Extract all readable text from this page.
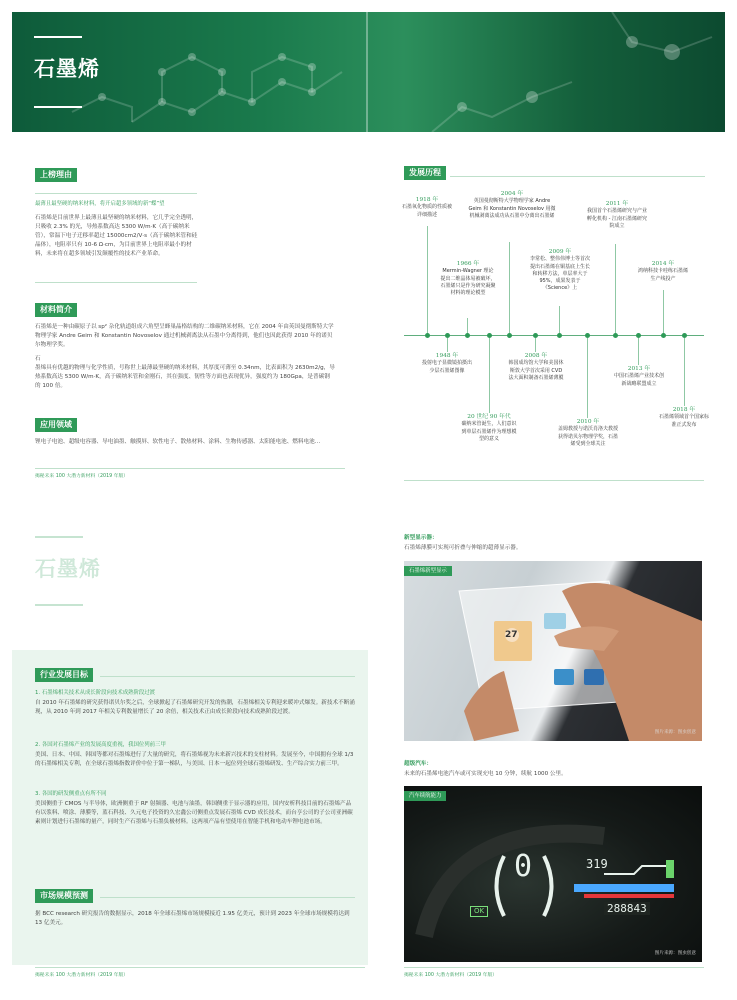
石墨烯
上榜理由
最薄且最坚硬的纳米材料，将开启超多领域的新“蝶”望
石墨烯是目前世界上最薄且最坚硬的纳米材料，它几乎完全透明，只吸收 2.3% 的光，导热系数高达 5300 W/m·K（高于碳纳米管），常温下电子迁移率超过 15000cm2/V·s（高于碳纳米管和硅晶体），电阻率只有 10-6 Ω·cm，为目前世界上电阻率最小的材料，未来将在超多领域引发颠覆性的技术产业革命。
材料简介
石墨烯是一种由碳原子以 sp² 杂化轨道组成六角型呈蜂巢晶格结构的二维碳纳米材料，它在 2004 年由英国曼彻斯特大学物理学家 Andre Geim 和 Konstantin Novoselov 通过机械剥离法从石墨中分离得到，他们也因此获得 2010 年的诺贝尔物理学奖。
石
墨烯具有优越的物理与化学性质，号称世上最薄最坚硬的纳米材料，其厚度可薄至 0.34nm，比表面积为 2630m2/g，导热系数高达 5300 W/m·K，高于碳纳米管和金刚石，其在强度、韧性等方面也表现优异，强度约为 180Gpa，是普碳钢的 100 倍。
应用领域
锂电子电池、超级电容器、导电油墨、触摸屏、软性电子、散热材料、涂料、生物传感器、太阳能电池、燃料电池…
揭秘未来 100 大潜力新材料（2019 年版）
发展历程
1918 年
石墨氧化物质的性质被详细描述
1966 年
Mermin-Wagner 理论提出二维晶体易被破坏，石墨烯只是作为研究凝聚材料的理论模型
2004 年
英国曼彻斯特大学物理学家 Andre Geim 和 Konstantin Novoselov 用微机械剥离法成功从石墨中分离出石墨烯
2009 年
李常松、整伟伟博士等首次提出石墨烯在铜基底上生长和转移方法，单层率大于 95%，成果发表于《Science》上
2011 年
我国首个石墨烯研究与产业孵化机构 - 江南石墨烯研究院成立
2014 年
鸿纳科技卡哇练石墨烯生产线投产
1948 年
投射电子显微镜拍摄出少层石墨烯图像
20 世纪 90 年代
碳纳米管诞生，人们意识到单层石墨烯作为理想模型的意义
2008 年
韩国成均馆大学和美国休斯敦大学首次采用 CVD 法大面积制备石墨烯薄膜
2010 年
盖姆教授与诺沃肖洛夫教授获得诺贝尔物理学奖，石墨烯受到全球关注
2013 年
中国石墨烯产业技术创新战略联盟成立
2018 年
石墨烯领域首个国家标准正式发布
石墨烯
行业发展目标
1. 石墨烯相关技术从成长阶段向技术成熟阶段过渡
自 2010 年石墨烯的研究获得诺贝尔奖之后，全球掀起了石墨烯研究开发的热潮，石墨烯相关专利迎来暖冲式爆发。新技术不断涌现，从 2010 年到 2017 年相关专利数量增长了 20 余倍，相关技术正由成长阶段向技术成熟阶段过渡。
2. 各国对石墨烯产业的发展高度重视，我国位列前三甲
美国、日本、中国、韩国等都对石墨烯进行了大量的研究，将石墨烯视为未来新兴技术的支柱材料。发展至今，中国拥有全球 1/3 的石墨烯相关专利，在全球石墨烯指数评价中位于第一梯队，与美国、日本一起位列全球石墨烯研发、生产综合实力前三甲。
3. 各国的研发侧重点有所不同
美国侧重于 CMOS 与半导体，欧洲侧重于 RF 射频器、电池与油墨，韩国侧重于显示器的应用，国内安析科技目前的石墨烯产品有以浆料、喷涂、薄膜等，蓝石科技、久元电子投资的久宏鑫公司侧重点发展石墨烯 CVD 成长技术，而台亨公司的子公司亚洲碳素则计划进行石墨烯的量产，同时生产石墨烯与石墨负极材料。这两项产品有望使用在智能手机和电动车锂电池市场。
市场规模预测
据 BCC research 研究报告的数据显示，2018 年全球石墨烯市场规模接近 1.95 亿美元，预计到 2023 年全球市场规模将达到 13 亿美元。
揭秘未来 100 大潜力新材料（2019 年版）
新型显示器：
石墨烯薄膜可实现可折叠与伸缩的超薄显示器。
石墨烯新型显示
27
图片来源：图虫创意
超级汽车：
未来的石墨烯电池汽车或可实现充电 10 分钟，续航 1000 公里。
汽车续航能力
0	319
288843
OK
图片来源：图虫创意
揭秘未来 100 大潜力新材料（2019 年版）
